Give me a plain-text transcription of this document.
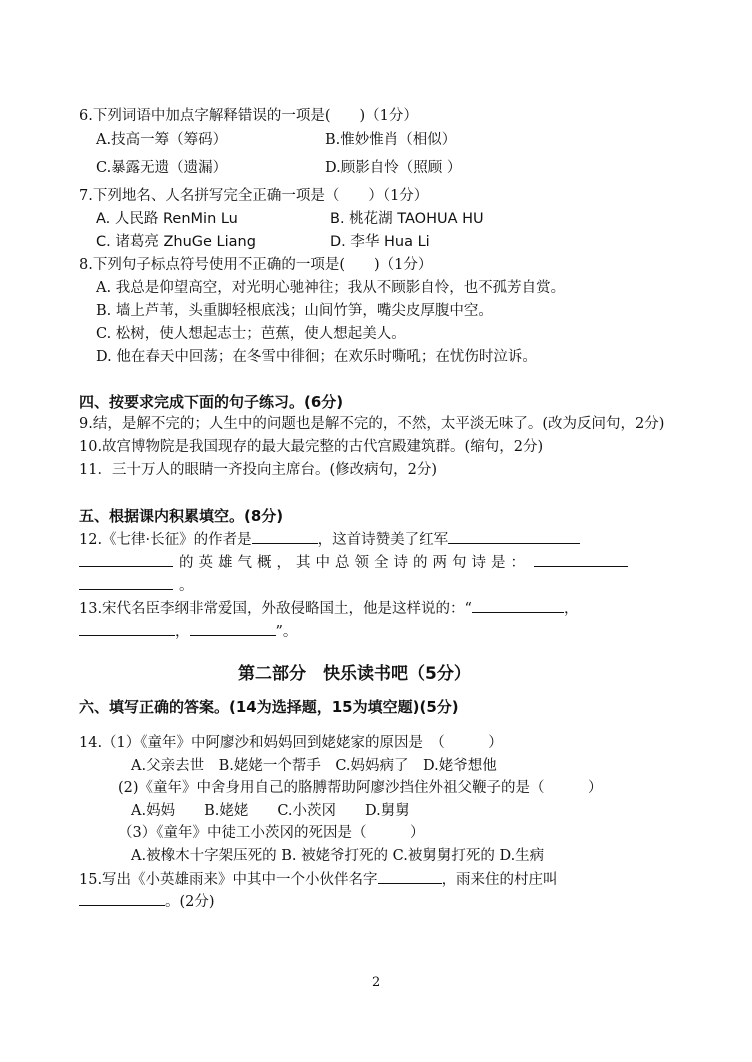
6.下列词语中加点字解释错误的一项是(　　)（1分）
A.技高一筹（筹码）	B.惟妙惟肖（相似）
C.暴露无遗（遗漏）	D.顾影自怜（照顾 ）
7.下列地名、人名拼写完全正确一项是（　　）（1分）
A. 人民路 RenMin Lu	B. 桃花湖 TAOHUA HU
C. 诸葛亮 ZhuGe Liang	D. 李华 Hua Li
8.下列句子标点符号使用不正确的一项是(　　)（1分）
A. 我总是仰望高空，对光明心驰神往；我从不顾影自怜，也不孤芳自赏。
B. 墙上芦苇，头重脚轻根底浅；山间竹笋，嘴尖皮厚腹中空。
C. 松树，使人想起志士；芭蕉，使人想起美人。
D. 他在春天中回荡；在冬雪中徘徊；在欢乐时嘶吼；在忧伤时泣诉。
四、按要求完成下面的句子练习。(6分)
9.结，是解不完的；人生中的问题也是解不完的，不然，太平淡无味了。(改为反问句，2分)
10.故宫博物院是我国现存的最大最完整的古代宫殿建筑群。(缩句，2分)
11．三十万人的眼睛一齐投向主席台。(修改病句，2分)
五、根据课内积累填空。(8分)
12.《七律·长征》的作者是	，这首诗赞美了红军
的英雄气概，其中总领全诗的两句诗是：
。
13.宋代名臣李纲非常爱国，外敌侵略国土，他是这样说的：“	，
，	”。
第二部分　快乐读书吧（5分）
六、填写正确的答案。(14为选择题，15为填空题)(5分)
14.（1）《童年》中阿廖沙和妈妈回到姥姥家的原因是　（　　　）
A.父亲去世　B.姥姥一个帮手　C.妈妈病了　D.姥爷想他
(2)《童年》中舍身用自己的胳膊帮助阿廖沙挡住外祖父鞭子的是（　　　）
A.妈妈　　B.姥姥　　C.小茨冈　　D.舅舅
（3）《童年》中徒工小茨冈的死因是（　　　）
A.被橡木十字架压死的 B. 被姥爷打死的 C.被舅舅打死的 D.生病
15.写出《小英雄雨来》中其中一个小伙伴名字	，雨来住的村庄叫
。(2分)
2
